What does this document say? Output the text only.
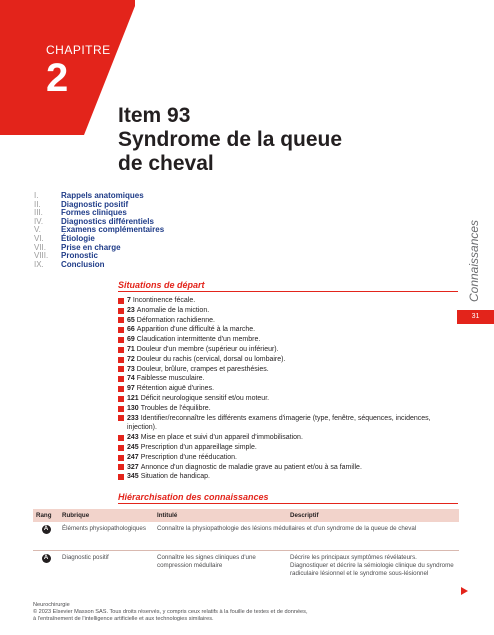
CHAPITRE
2
Item 93
Syndrome de la queue
de cheval
I.	Rappels anatomiques
II.	Diagnostic positif
III.	Formes cliniques
IV.	Diagnostics différentiels
V.	Examens complémentaires
VI.	Étiologie
VII.	Prise en charge
VIII.	Pronostic
IX.	Conclusion	Connaissances
31
Situations de départ
7 Incontinence fécale.
23 Anomalie de la miction.
65 Déformation rachidienne.
66 Apparition d'une difficulté à la marche.
69 Claudication intermittente d'un membre.
71 Douleur d'un membre (supérieur ou inférieur).
72 Douleur du rachis (cervical, dorsal ou lombaire).
73 Douleur, brûlure, crampes et paresthésies.
74 Faiblesse musculaire.
97 Rétention aiguë d'urines.
121 Déficit neurologique sensitif et/ou moteur.
130 Troubles de l'équilibre.
233 Identifier/reconnaître les différents examens d'imagerie (type, fenêtre, séquences, incidences, injection).
243 Mise en place et suivi d'un appareil d'immobilisation.
245 Prescription d'un appareillage simple.
247 Prescription d'une rééducation.
327 Annonce d'un diagnostic de maladie grave au patient et/ou à sa famille.
345 Situation de handicap.
Hiérarchisation des connaissances
Rang	Rubrique	Intitulé	Descriptif
A	Éléments physiopathologiques	Connaître la physiopathologie des lésions médullaires et d'un syndrome de la queue de cheval	
A	Diagnostic positif	Connaître les signes cliniques d'une compression médullaire	Décrire les principaux symptômes révélateurs. Diagnostiquer et décrire la sémiologie clinique du syndrome radiculaire lésionnel et le syndrome sous-lésionnel
Neurochirurgie
© 2023 Elsevier Masson SAS. Tous droits réservés, y compris ceux relatifs à la fouille de textes et de données,
à l'entraînement de l'intelligence artificielle et aux technologies similaires.
